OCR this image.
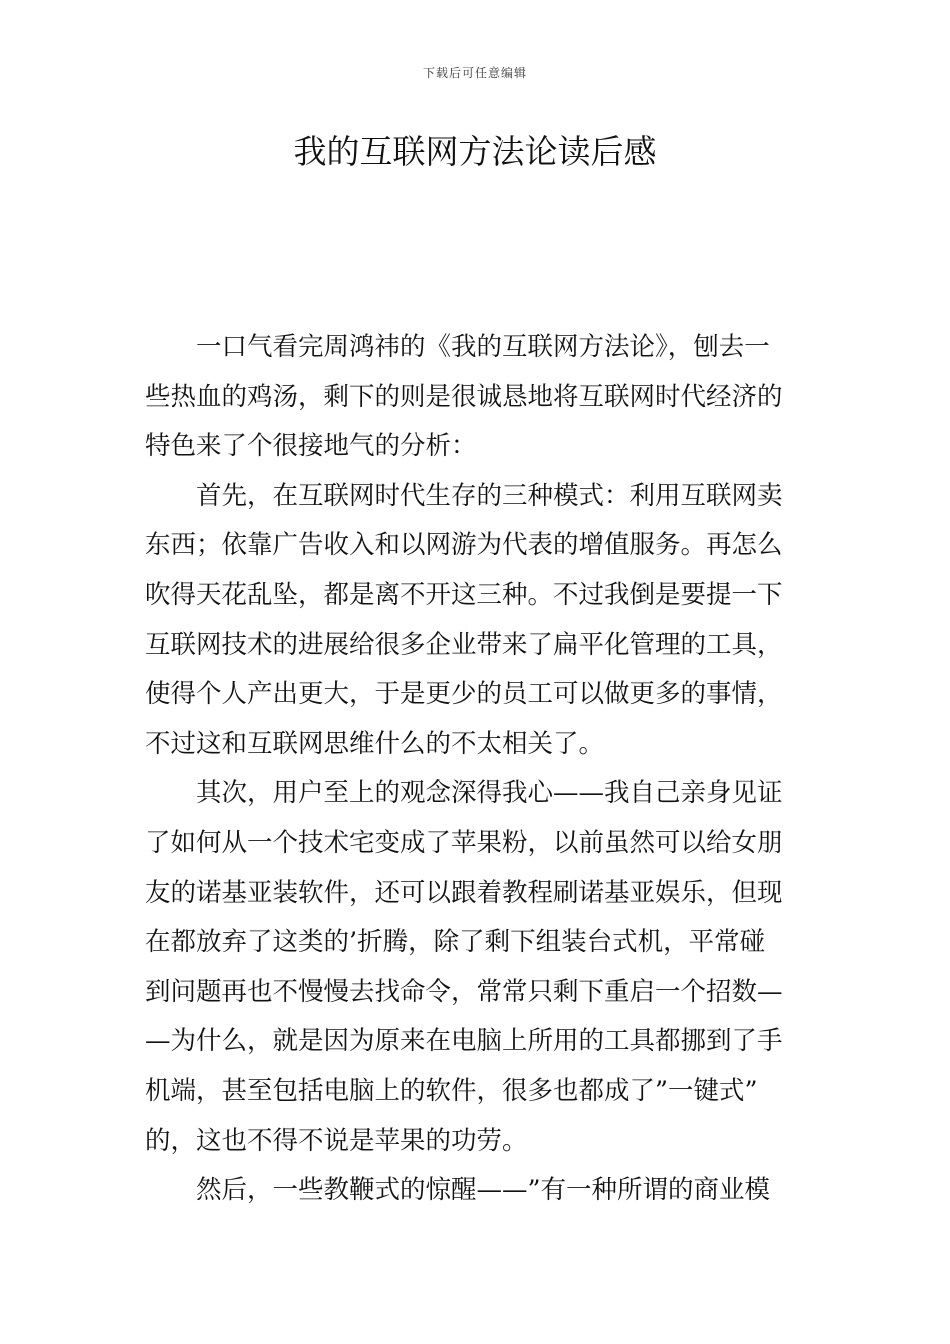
下载后可任意编辑
我的互联网方法论读后感

一口气看完周鸿祎的《我的互联网方法论》，刨去一
些热血的鸡汤，剩下的则是很诚恳地将互联网时代经济的
特色来了个很接地气的分析：

首先，在互联网时代生存的三种模式：利用互联网卖
东西；依靠广告收入和以网游为代表的增值服务。再怎么
吹得天花乱坠，都是离不开这三种。不过我倒是要提一下
互联网技术的进展给很多企业带来了扁平化管理的工具，
使得个人产出更大，于是更少的员工可以做更多的事情，
不过这和互联网思维什么的不太相关了。

其次，用户至上的观念深得我心——我自己亲身见证
了如何从一个技术宅变成了苹果粉，以前虽然可以给女朋
友的诺基亚装软件，还可以跟着教程刷诺基亚娱乐，但现
在都放弃了这类的’折腾，除了剩下组装台式机，平常碰
到问题再也不慢慢去找命令，常常只剩下重启一个招数—
—为什么，就是因为原来在电脑上所用的工具都挪到了手
机端，甚至包括电脑上的软件，很多也都成了”一键式”
的，这也不得不说是苹果的功劳。

然后，一些教鞭式的惊醒——”有一种所谓的商业模
